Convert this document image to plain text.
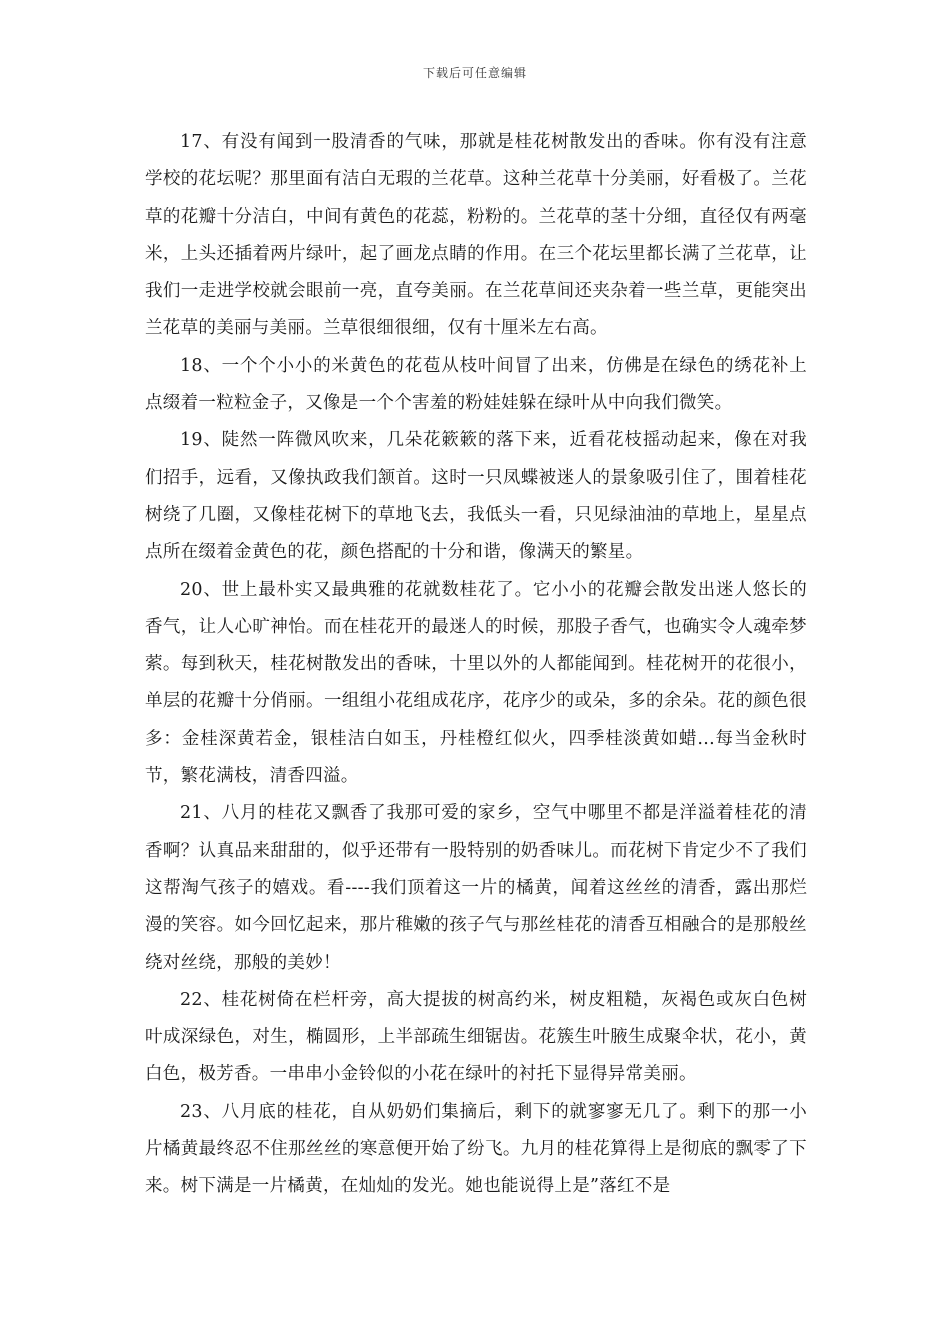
下载后可任意编辑

17、有没有闻到一股清香的气味，那就是桂花树散发出的香味。你有没有注意学校的花坛呢？那里面有洁白无瑕的兰花草。这种兰花草十分美丽，好看极了。兰花草的花瓣十分洁白，中间有黄色的花蕊，粉粉的。兰花草的茎十分细，直径仅有两毫米，上头还插着两片绿叶，起了画龙点睛的作用。在三个花坛里都长满了兰花草，让我们一走进学校就会眼前一亮，直夸美丽。在兰花草间还夹杂着一些兰草，更能突出兰花草的美丽与美丽。兰草很细很细，仅有十厘米左右高。

18、一个个小小的米黄色的花苞从枝叶间冒了出来，仿佛是在绿色的绣花补上点缀着一粒粒金子，又像是一个个害羞的粉娃娃躲在绿叶从中向我们微笑。

19、陡然一阵微风吹来，几朵花簌簌的落下来，近看花枝摇动起来，像在对我们招手，远看，又像执政我们颔首。这时一只凤蝶被迷人的景象吸引住了，围着桂花树绕了几圈，又像桂花树下的草地飞去，我低头一看，只见绿油油的草地上，星星点点所在缀着金黄色的花，颜色搭配的十分和谐，像满天的繁星。

20、世上最朴实又最典雅的花就数桂花了。它小小的花瓣会散发出迷人悠长的香气，让人心旷神怡。而在桂花开的最迷人的时候，那股子香气，也确实令人魂牵梦萦。每到秋天，桂花树散发出的香味，十里以外的人都能闻到。桂花树开的花很小，单层的花瓣十分俏丽。一组组小花组成花序，花序少的或朵，多的余朵。花的颜色很多：金桂深黄若金，银桂洁白如玉，丹桂橙红似火，四季桂淡黄如蜡...每当金秋时节，繁花满枝，清香四溢。

21、八月的桂花又飘香了我那可爱的家乡，空气中哪里不都是洋溢着桂花的清香啊？认真品来甜甜的，似乎还带有一股特别的奶香味儿。而花树下肯定少不了我们这帮淘气孩子的嬉戏。看----我们顶着这一片的橘黄，闻着这丝丝的清香，露出那烂漫的笑容。如今回忆起来，那片稚嫩的孩子气与那丝桂花的清香互相融合的是那般丝绕对丝绕，那般的美妙！

22、桂花树倚在栏杆旁，高大提拔的树高约米，树皮粗糙，灰褐色或灰白色树叶成深绿色，对生，椭圆形，上半部疏生细锯齿。花簇生叶腋生成聚伞状，花小，黄白色，极芳香。一串串小金铃似的小花在绿叶的衬托下显得异常美丽。

23、八月底的桂花，自从奶奶们集摘后，剩下的就寥寥无几了。剩下的那一小片橘黄最终忍不住那丝丝的寒意便开始了纷飞。九月的桂花算得上是彻底的飘零了下来。树下满是一片橘黄，在灿灿的发光。她也能说得上是”落红不是
